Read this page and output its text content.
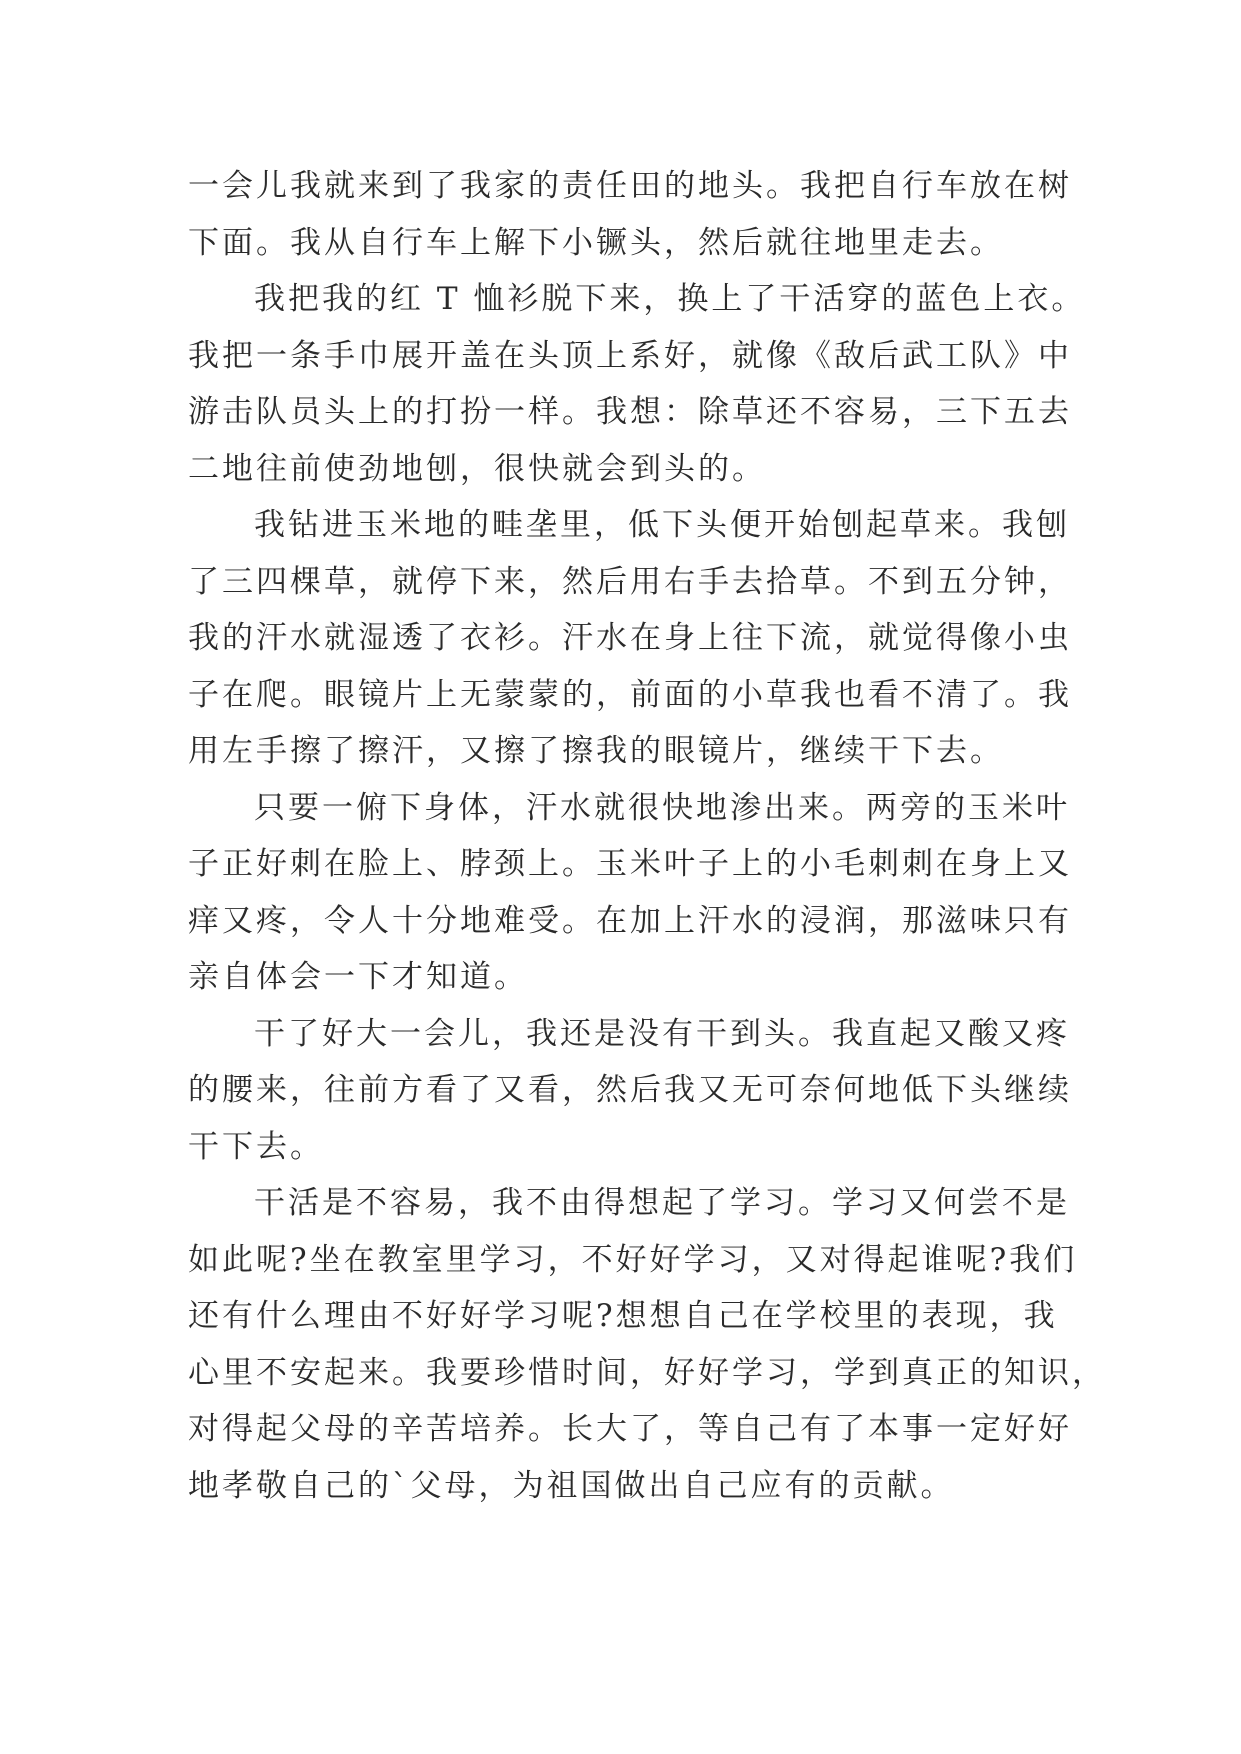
一会儿我就来到了我家的责任田的地头。我把自行车放在树
下面。我从自行车上解下小镢头，然后就往地里走去。
我把我的红 T 恤衫脱下来，换上了干活穿的蓝色上衣。
我把一条手巾展开盖在头顶上系好，就像《敌后武工队》中
游击队员头上的打扮一样。我想：除草还不容易，三下五去
二地往前使劲地刨，很快就会到头的。
我钻进玉米地的畦垄里，低下头便开始刨起草来。我刨
了三四棵草，就停下来，然后用右手去拾草。不到五分钟，
我的汗水就湿透了衣衫。汗水在身上往下流，就觉得像小虫
子在爬。眼镜片上无蒙蒙的，前面的小草我也看不清了。我
用左手擦了擦汗，又擦了擦我的眼镜片，继续干下去。
只要一俯下身体，汗水就很快地渗出来。两旁的玉米叶
子正好刺在脸上、脖颈上。玉米叶子上的小毛刺刺在身上又
痒又疼，令人十分地难受。在加上汗水的浸润，那滋味只有
亲自体会一下才知道。
干了好大一会儿，我还是没有干到头。我直起又酸又疼
的腰来，往前方看了又看，然后我又无可奈何地低下头继续
干下去。
干活是不容易，我不由得想起了学习。学习又何尝不是
如此呢?坐在教室里学习，不好好学习，又对得起谁呢?我们
还有什么理由不好好学习呢?想想自己在学校里的表现，我
心里不安起来。我要珍惜时间，好好学习，学到真正的知识，
对得起父母的辛苦培养。长大了，等自己有了本事一定好好
地孝敬自己的`父母，为祖国做出自己应有的贡献。
